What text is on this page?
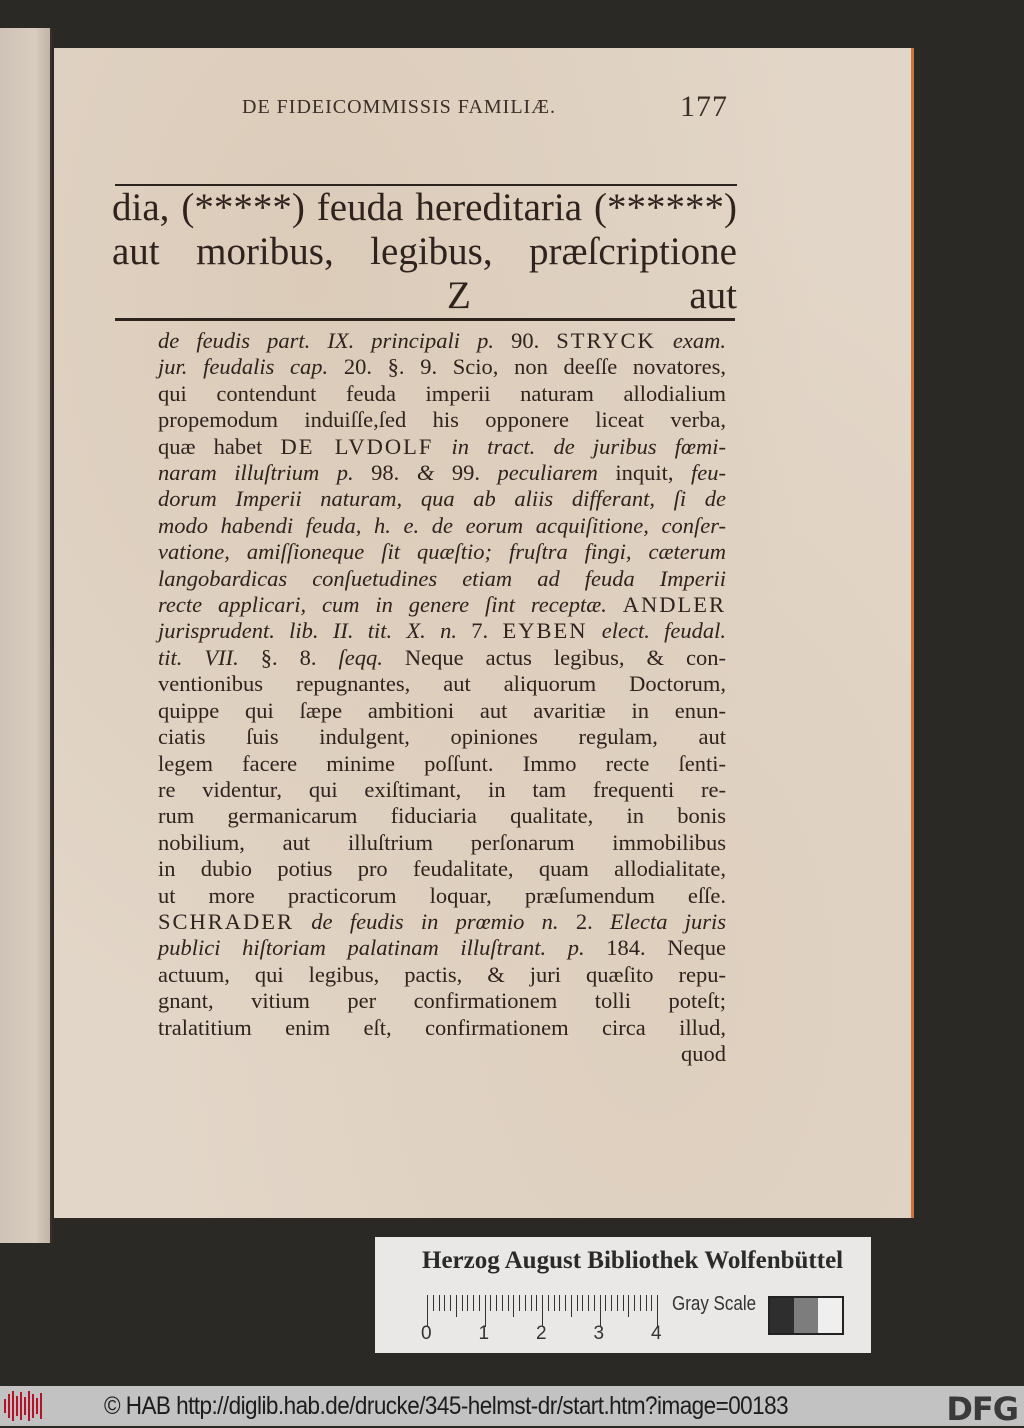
DE FIDEICOMMISSIS FAMILIÆ.	177
dia, (*****) feuda hereditaria (******)
aut moribus, legibus, præſcriptione
Z	aut
de feudis part. IX. principali p. 90. STRYCK exam.
jur. feudalis cap. 20. §. 9. Scio, non deeſſe novatores,
qui contendunt feuda imperii naturam allodialium
propemodum induiſſe,ſed his opponere liceat verba,
quæ habet DE LVDOLF in tract. de juribus fœmi-
naram illuſtrium p. 98. & 99. peculiarem inquit, feu-
dorum Imperii naturam, qua ab aliis differant, ſi de
modo habendi feuda, h. e. de eorum acquiſitione, conſer-
vatione, amiſſioneque ſit quæſtio; fruſtra fingi, cæterum
langobardicas conſuetudines etiam ad feuda Imperii
recte applicari, cum in genere ſint receptæ. ANDLER
jurisprudent. lib. II. tit. X. n. 7. EYBEN elect. feudal.
tit. VII. §. 8. ſeqq. Neque actus legibus, & con-
ventionibus repugnantes, aut aliquorum Doctorum,
quippe qui ſæpe ambitioni aut avaritiæ in enun-
ciatis ſuis indulgent, opiniones regulam, aut
legem facere minime poſſunt. Immo recte ſenti-
re videntur, qui exiſtimant, in tam frequenti re-
rum germanicarum fiduciaria qualitate, in bonis
nobilium, aut illuſtrium perſonarum immobilibus
in dubio potius pro feudalitate, quam allodialitate,
ut more practicorum loquar, præſumendum eſſe.
SCHRADER de feudis in prœmio n. 2. Electa juris
publici hiſtoriam palatinam illuſtrant. p. 184. Neque
actuum, qui legibus, pactis, & juri quæſito repu-
gnant, vitium per confirmationem tolli poteſt;
tralatitium enim eſt, confirmationem circa illud,
quod
Herzog August Bibliothek Wolfenbüttel
0 1 2 3 4
Gray Scale
© HAB http://diglib.hab.de/drucke/345-helmst-dr/start.htm?image=00183	DFG
